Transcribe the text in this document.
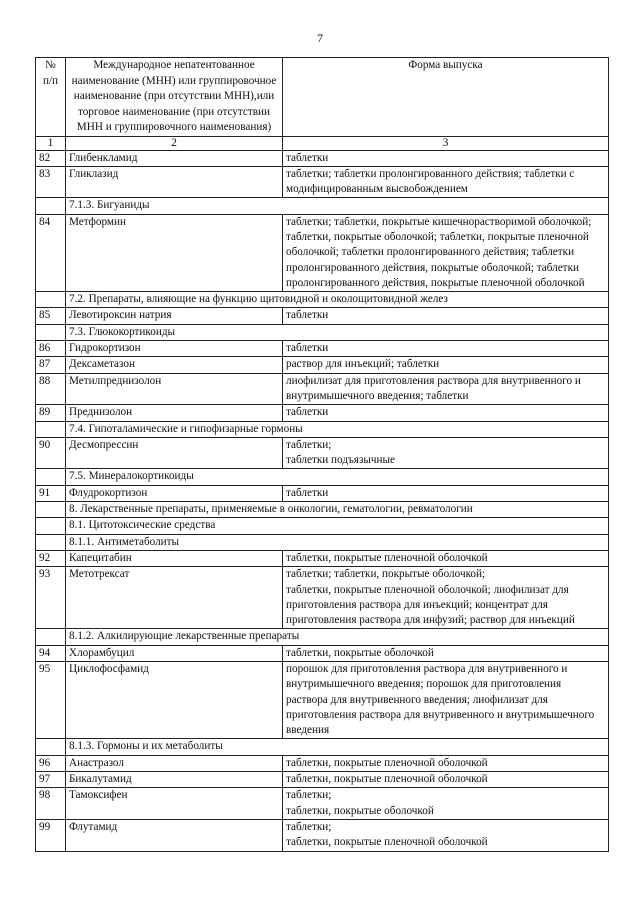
7
№
п/п	Международное непатентованное наименование (МНН) или группировочное наименование (при отсутствии МНН),или торговое наименование (при отсутствии МНН и группировочного наименования)	Форма выпуска
1	2	3
82	Глибенкламид	таблетки
83	Гликлазид	таблетки; таблетки пролонгированного действия; таблетки с модифицированным высвобождением
	7.1.3. Бигуаниды	
84	Метформин	таблетки; таблетки, покрытые кишечнорастворимой оболочкой; таблетки, покрытые оболочкой; таблетки, покрытые пленочной оболочкой; таблетки пролонгированного действия; таблетки пролонгированного действия, покрытые оболочкой; таблетки пролонгированного действия, покрытые пленочной оболочкой
	7.2. Препараты, влияющие на функцию щитовидной и околощитовидной желез	
85	Левотироксин натрия	таблетки
	7.3. Глюкокортикоиды	
86	Гидрокортизон	таблетки
87	Дексаметазон	раствор для инъекций; таблетки
88	Метилпреднизолон	лиофилизат для приготовления раствора для внутривенного и внутримышечного введения; таблетки
89	Преднизолон	таблетки
	7.4. Гипоталамические и гипофизарные гормоны	
90	Десмопрессин	таблетки;
таблетки подъязычные
	7.5. Минералокортикоиды	
91	Флудрокортизон	таблетки
	8. Лекарственные препараты, применяемые в онкологии, гематологии, ревматологии	
	8.1. Цитотоксические средства	
	8.1.1. Антиметаболиты	
92	Капецитабин	таблетки, покрытые пленочной оболочкой
93	Метотрексат	таблетки; таблетки, покрытые оболочкой;
таблетки, покрытые пленочной оболочкой; лиофилизат для приготовления раствора для инъекций; концентрат для приготовления раствора для инфузий; раствор для инъекций
	8.1.2. Алкилирующие лекарственные препараты	
94	Хлорамбуцил	таблетки, покрытые оболочкой
95	Циклофосфамид	порошок для приготовления раствора для внутривенного и внутримышечного введения; порошок для приготовления раствора для внутривенного введения; лиофилизат для приготовления раствора для внутривенного и внутримышечного введения
	8.1.3. Гормоны и их метаболиты	
96	Анастразол	таблетки, покрытые пленочной оболочкой
97	Бикалутамид	таблетки, покрытые пленочной оболочкой
98	Тамоксифен	таблетки;
таблетки, покрытые оболочкой
99	Флутамид	таблетки;
таблетки, покрытые пленочной оболочкой
